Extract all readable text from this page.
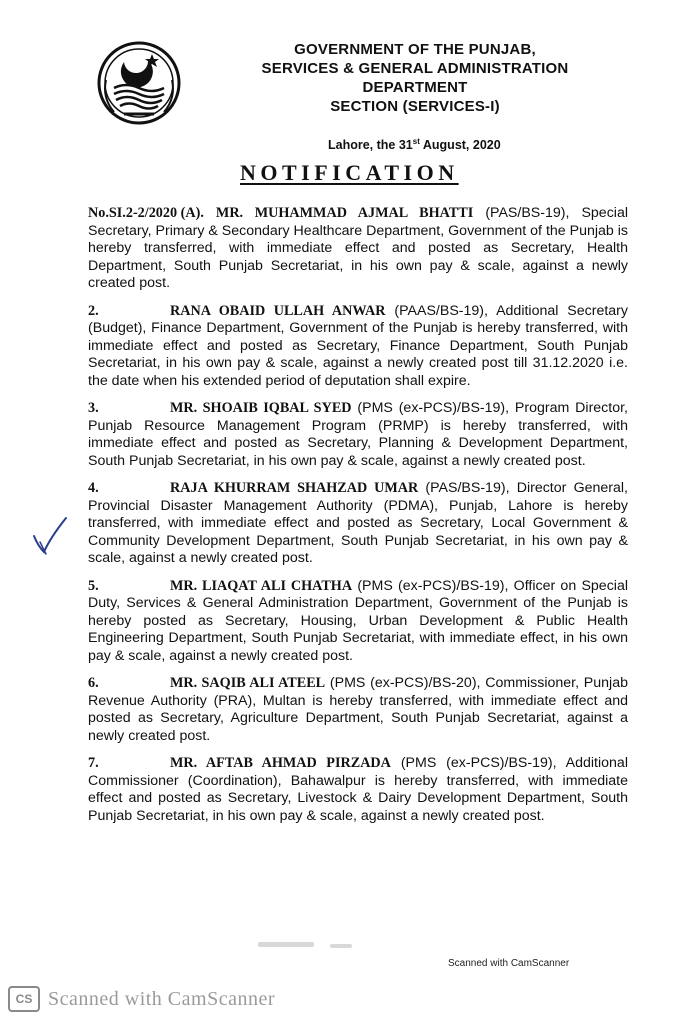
GOVERNMENT OF THE PUNJAB,
SERVICES & GENERAL ADMINISTRATION
DEPARTMENT
SECTION (SERVICES-I)
Lahore, the 31st August, 2020
NOTIFICATION

No.SI.2-2/2020 (A). MR. MUHAMMAD AJMAL BHATTI (PAS/BS-19), Special Secretary, Primary & Secondary Healthcare Department, Government of the Punjab is hereby transferred, with immediate effect and posted as Secretary, Health Department, South Punjab Secretariat, in his own pay & scale, against a newly created post.

2.	RANA OBAID ULLAH ANWAR (PAAS/BS-19), Additional Secretary (Budget), Finance Department, Government of the Punjab is hereby transferred, with immediate effect and posted as Secretary, Finance Department, South Punjab Secretariat, in his own pay & scale, against a newly created post till 31.12.2020 i.e. the date when his extended period of deputation shall expire.

3.	MR. SHOAIB IQBAL SYED (PMS (ex-PCS)/BS-19), Program Director, Punjab Resource Management Program (PRMP) is hereby transferred, with immediate effect and posted as Secretary, Planning & Development Department, South Punjab Secretariat, in his own pay & scale, against a newly created post.

4.	RAJA KHURRAM SHAHZAD UMAR (PAS/BS-19), Director General, Provincial Disaster Management Authority (PDMA), Punjab, Lahore is hereby transferred, with immediate effect and posted as Secretary, Local Government & Community Development Department, South Punjab Secretariat, in his own pay & scale, against a newly created post.

5.	MR. LIAQAT ALI CHATHA (PMS (ex-PCS)/BS-19), Officer on Special Duty, Services & General Administration Department, Government of the Punjab is hereby posted as Secretary, Housing, Urban Development & Public Health Engineering Department, South Punjab Secretariat, with immediate effect, in his own pay & scale, against a newly created post.

6.	MR. SAQIB ALI ATEEL (PMS (ex-PCS)/BS-20), Commissioner, Punjab Revenue Authority (PRA), Multan is hereby transferred, with immediate effect and posted as Secretary, Agriculture Department, South Punjab Secretariat, against a newly created post.

7.	MR. AFTAB AHMAD PIRZADA (PMS (ex-PCS)/BS-19), Additional Commissioner (Coordination), Bahawalpur is hereby transferred, with immediate effect and posted as Secretary, Livestock & Dairy Development Department, South Punjab Secretariat, in his own pay & scale, against a newly created post.

Scanned with CamScanner
CS Scanned with CamScanner
